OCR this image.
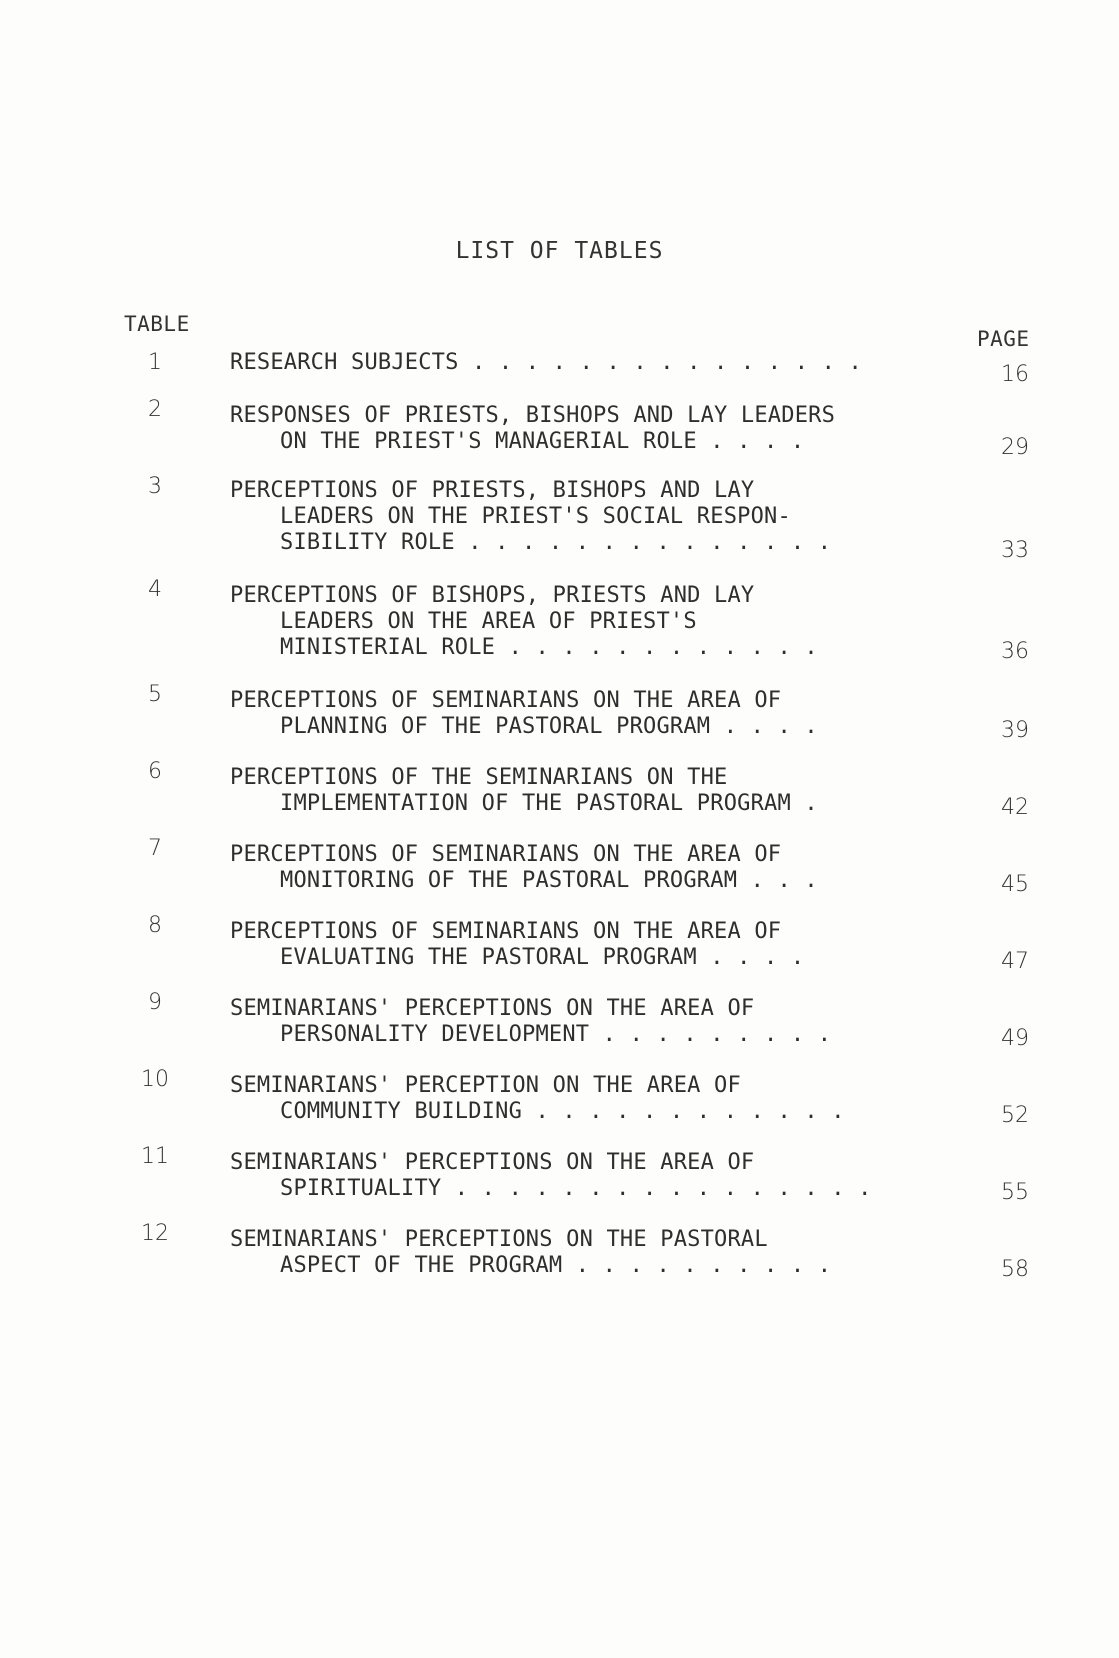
LIST OF TABLES
TABLE
PAGE
1	RESEARCH SUBJECTS . . . . . . . . . . . . . . .	16
2	RESPONSES OF PRIESTS, BISHOPS AND LAY LEADERS
ON THE PRIEST'S MANAGERIAL ROLE . . . .	29
3	PERCEPTIONS OF PRIESTS, BISHOPS AND LAY
LEADERS ON THE PRIEST'S SOCIAL RESPON-
SIBILITY ROLE . . . . . . . . . . . . . .	33
4	PERCEPTIONS OF BISHOPS, PRIESTS AND LAY
LEADERS ON THE AREA OF PRIEST'S
MINISTERIAL ROLE . . . . . . . . . . . .	36
5	PERCEPTIONS OF SEMINARIANS ON THE AREA OF
PLANNING OF THE PASTORAL PROGRAM . . . .	39
6	PERCEPTIONS OF THE SEMINARIANS ON THE
IMPLEMENTATION OF THE PASTORAL PROGRAM .	42
7	PERCEPTIONS OF SEMINARIANS ON THE AREA OF
MONITORING OF THE PASTORAL PROGRAM . . .	45
8	PERCEPTIONS OF SEMINARIANS ON THE AREA OF
EVALUATING THE PASTORAL PROGRAM . . . .	47
9	SEMINARIANS' PERCEPTIONS ON THE AREA OF
PERSONALITY DEVELOPMENT . . . . . . . . .	49
10	SEMINARIANS' PERCEPTION ON THE AREA OF
COMMUNITY BUILDING . . . . . . . . . . . .	52
11	SEMINARIANS' PERCEPTIONS ON THE AREA OF
SPIRITUALITY . . . . . . . . . . . . . . . .	55
12	SEMINARIANS' PERCEPTIONS ON THE PASTORAL
ASPECT OF THE PROGRAM . . . . . . . . . .	58
